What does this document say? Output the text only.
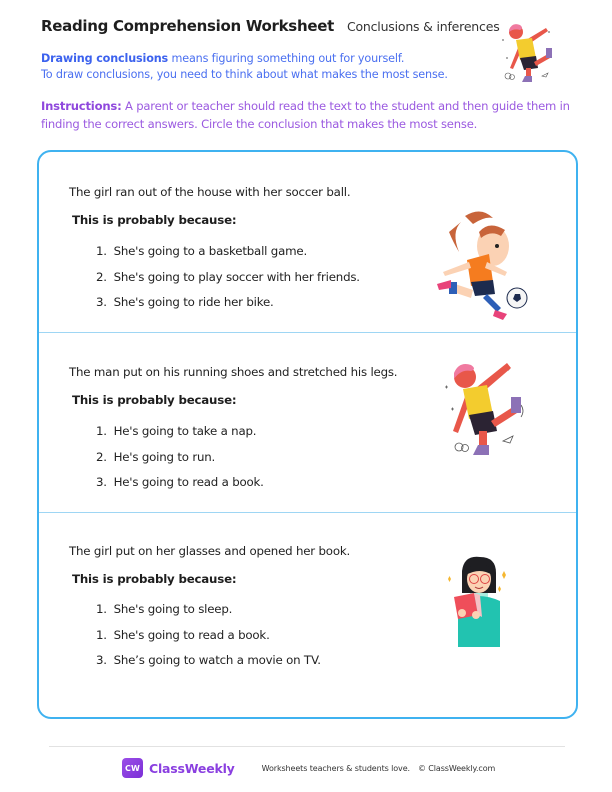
Reading Comprehension Worksheet Conclusions & inferences
Drawing conclusions means figuring something out for yourself.
To draw conclusions, you need to think about what makes the most sense.
Instructions: A parent or teacher should read the text to the student and then guide them in finding the correct answers. Circle the conclusion that makes the most sense.
The girl ran out of the house with her soccer ball.
This is probably because:
1. She's going to a basketball game.
2. She's going to play soccer with her friends.
3. She's going to ride her bike.
The man put on his running shoes and stretched his legs.
This is probably because:
1. He's going to take a nap.
2. He's going to run.
3. He's going to read a book.
The girl put on her glasses and opened her book.
This is probably because:
1. She's going to sleep.
1. She's going to read a book.
3. She’s going to watch a movie on TV.
CW ClassWeekly	Worksheets teachers & students love. © ClassWeekly.com
